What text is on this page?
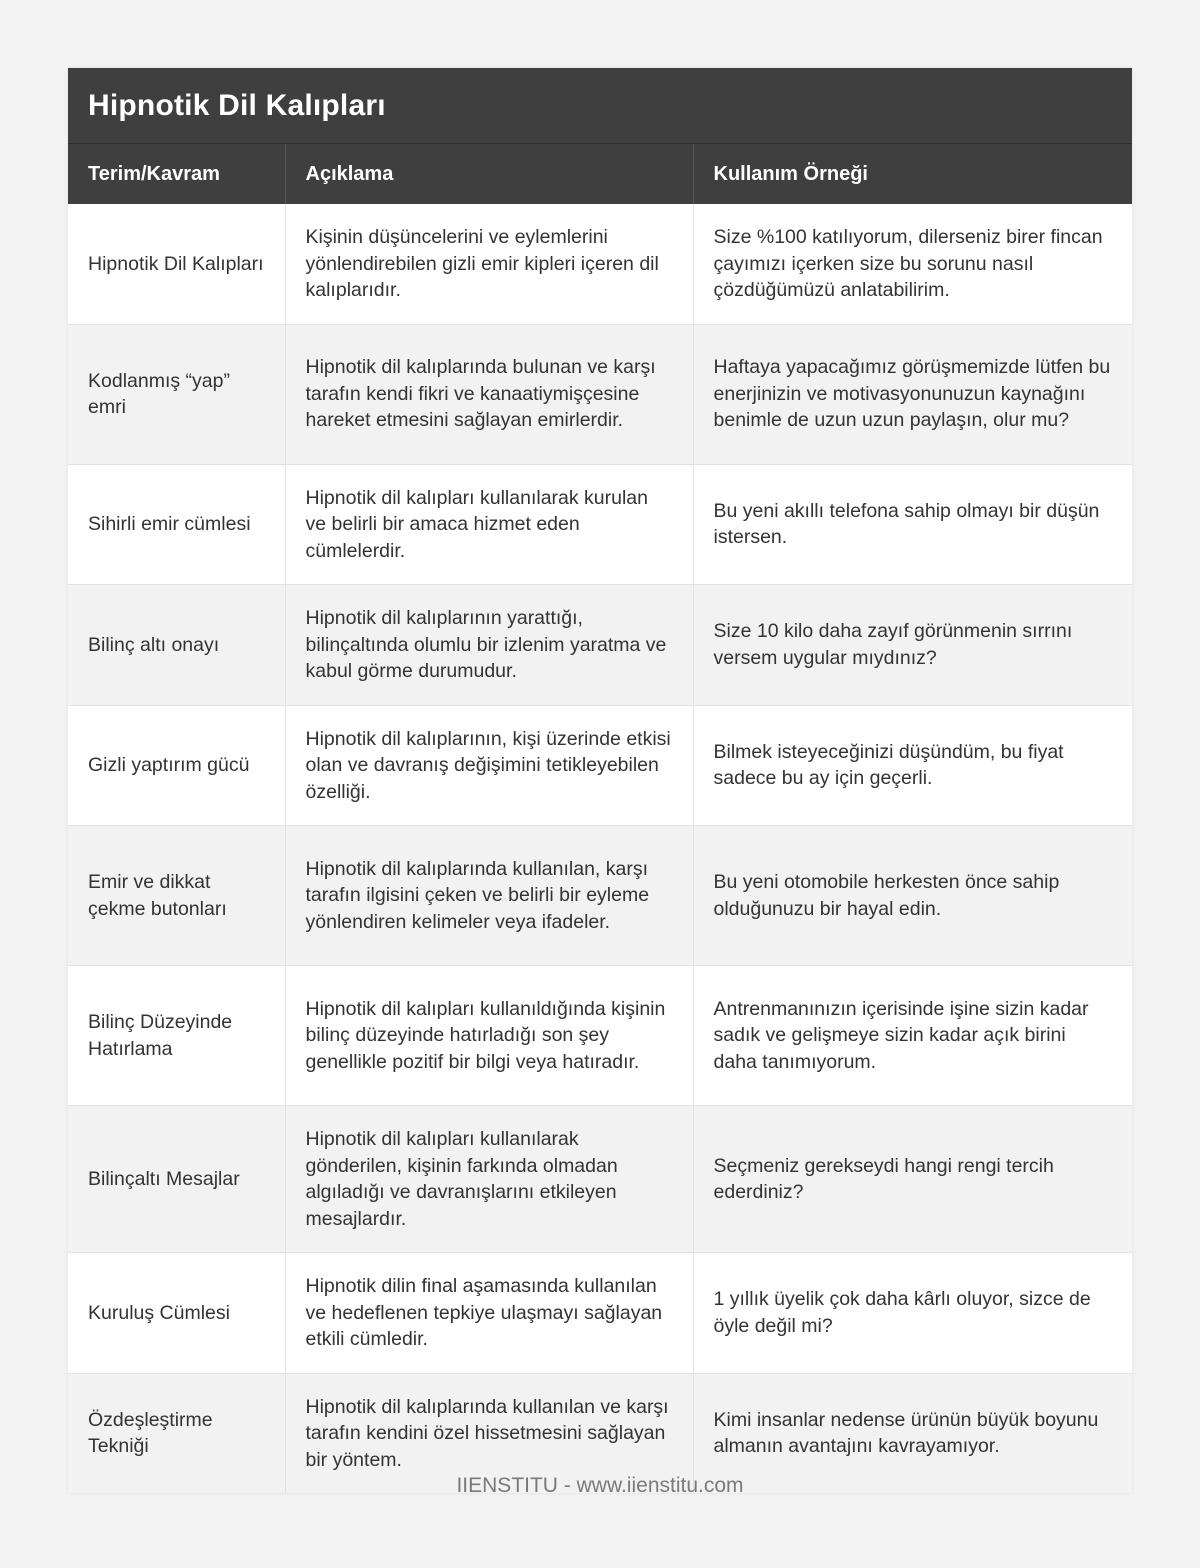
Hipnotik Dil Kalıpları
Terim/Kavram	Açıklama	Kullanım Örneği
Hipnotik Dil Kalıpları	Kişinin düşüncelerini ve eylemlerini yönlendirebilen gizli emir kipleri içeren dil kalıplarıdır.	Size %100 katılıyorum, dilerseniz birer fincan çayımızı içerken size bu sorunu nasıl çözdüğümüzü anlatabilirim.
Kodlanmış “yap” emri	Hipnotik dil kalıplarında bulunan ve karşı tarafın kendi fikri ve kanaatiymişçesine hareket etmesini sağlayan emirlerdir.	Haftaya yapacağımız görüşmemizde lütfen bu enerjinizin ve motivasyonunuzun kaynağını benimle de uzun uzun paylaşın, olur mu?
Sihirli emir cümlesi	Hipnotik dil kalıpları kullanılarak kurulan ve belirli bir amaca hizmet eden cümlelerdir.	Bu yeni akıllı telefona sahip olmayı bir düşün istersen.
Bilinç altı onayı	Hipnotik dil kalıplarının yarattığı, bilinçaltında olumlu bir izlenim yaratma ve kabul görme durumudur.	Size 10 kilo daha zayıf görünmenin sırrını versem uygular mıydınız?
Gizli yaptırım gücü	Hipnotik dil kalıplarının, kişi üzerinde etkisi olan ve davranış değişimini tetikleyebilen özelliği.	Bilmek isteyeceğinizi düşündüm, bu fiyat sadece bu ay için geçerli.
Emir ve dikkat çekme butonları	Hipnotik dil kalıplarında kullanılan, karşı tarafın ilgisini çeken ve belirli bir eyleme yönlendiren kelimeler veya ifadeler.	Bu yeni otomobile herkesten önce sahip olduğunuzu bir hayal edin.
Bilinç Düzeyinde Hatırlama	Hipnotik dil kalıpları kullanıldığında kişinin bilinç düzeyinde hatırladığı son şey genellikle pozitif bir bilgi veya hatıradır.	Antrenmanınızın içerisinde işine sizin kadar sadık ve gelişmeye sizin kadar açık birini daha tanımıyorum.
Bilinçaltı Mesajlar	Hipnotik dil kalıpları kullanılarak gönderilen, kişinin farkında olmadan algıladığı ve davranışlarını etkileyen mesajlardır.	Seçmeniz gerekseydi hangi rengi tercih ederdiniz?
Kuruluş Cümlesi	Hipnotik dilin final aşamasında kullanılan ve hedeflenen tepkiye ulaşmayı sağlayan etkili cümledir.	1 yıllık üyelik çok daha kârlı oluyor, sizce de öyle değil mi?
Özdeşleştirme Tekniği	Hipnotik dil kalıplarında kullanılan ve karşı tarafın kendini özel hissetmesini sağlayan bir yöntem.	Kimi insanlar nedense ürünün büyük boyunu almanın avantajını kavrayamıyor.
IIENSTITU - www.iienstitu.com
